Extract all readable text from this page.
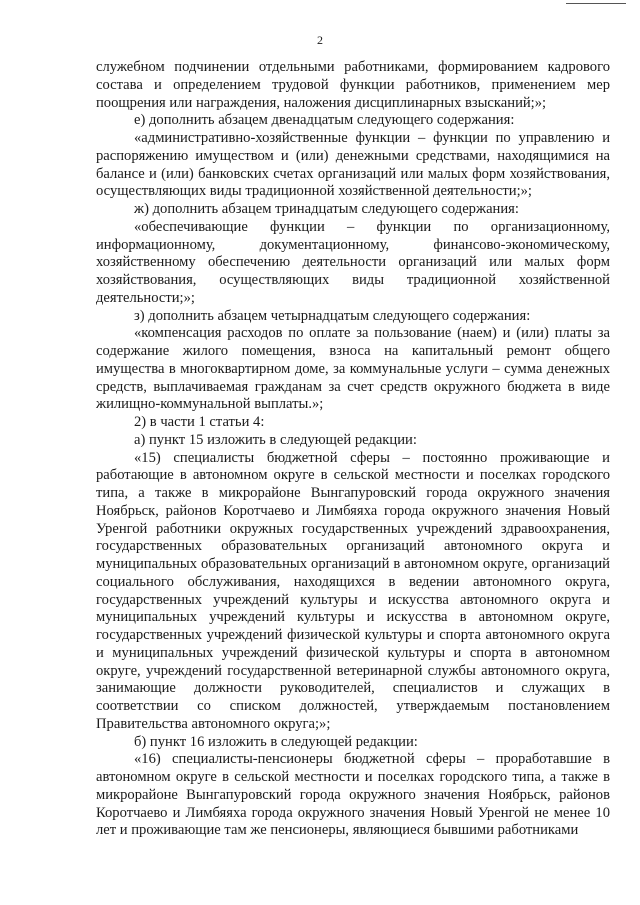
2

служебном подчинении отдельными работниками, формированием кадрового состава и определением трудовой функции работников, применением мер поощрения или награждения, наложения дисциплинарных взысканий;»;

е) дополнить абзацем двенадцатым следующего содержания:

«административно-хозяйственные функции – функции по управлению и распоряжению имуществом и (или) денежными средствами, находящимися на балансе и (или) банковских счетах организаций или малых форм хозяйствования, осуществляющих виды традиционной хозяйственной деятельности;»;

ж) дополнить абзацем тринадцатым следующего содержания:

«обеспечивающие функции – функции по организационному, информационному, документационному, финансово-экономическому, хозяйственному обеспечению деятельности организаций или малых форм хозяйствования, осуществляющих виды традиционной хозяйственной деятельности;»;

з) дополнить абзацем четырнадцатым следующего содержания:

«компенсация расходов по оплате за пользование (наем) и (или) платы за содержание жилого помещения, взноса на капитальный ремонт общего имущества в многоквартирном доме, за коммунальные услуги – сумма денежных средств, выплачиваемая гражданам за счет средств окружного бюджета в виде жилищно-коммунальной выплаты.»;

2) в части 1 статьи 4:

а) пункт 15 изложить в следующей редакции:

«15) специалисты бюджетной сферы – постоянно проживающие и работающие в автономном округе в сельской местности и поселках городского типа, а также в микрорайоне Вынгапуровский города окружного значения Ноябрьск, районов Коротчаево и Лимбяяха города окружного значения Новый Уренгой работники окружных государственных учреждений здравоохранения, государственных образовательных организаций автономного округа и муниципальных образовательных организаций в автономном округе, организаций социального обслуживания, находящихся в ведении автономного округа, государственных учреждений культуры и искусства автономного округа и муниципальных учреждений культуры и искусства в автономном округе, государственных учреждений физической культуры и спорта автономного округа и муниципальных учреждений физической культуры и спорта в автономном округе, учреждений государственной ветеринарной службы автономного округа, занимающие должности руководителей, специалистов и служащих в соответствии со списком должностей, утверждаемым постановлением Правительства автономного округа;»;

б) пункт 16 изложить в следующей редакции:

«16) специалисты-пенсионеры бюджетной сферы – проработавшие в автономном округе в сельской местности и поселках городского типа, а также в микрорайоне Вынгапуровский города окружного значения Ноябрьск, районов Коротчаево и Лимбяяха города окружного значения Новый Уренгой не менее 10 лет и проживающие там же пенсионеры, являющиеся бывшими работниками
